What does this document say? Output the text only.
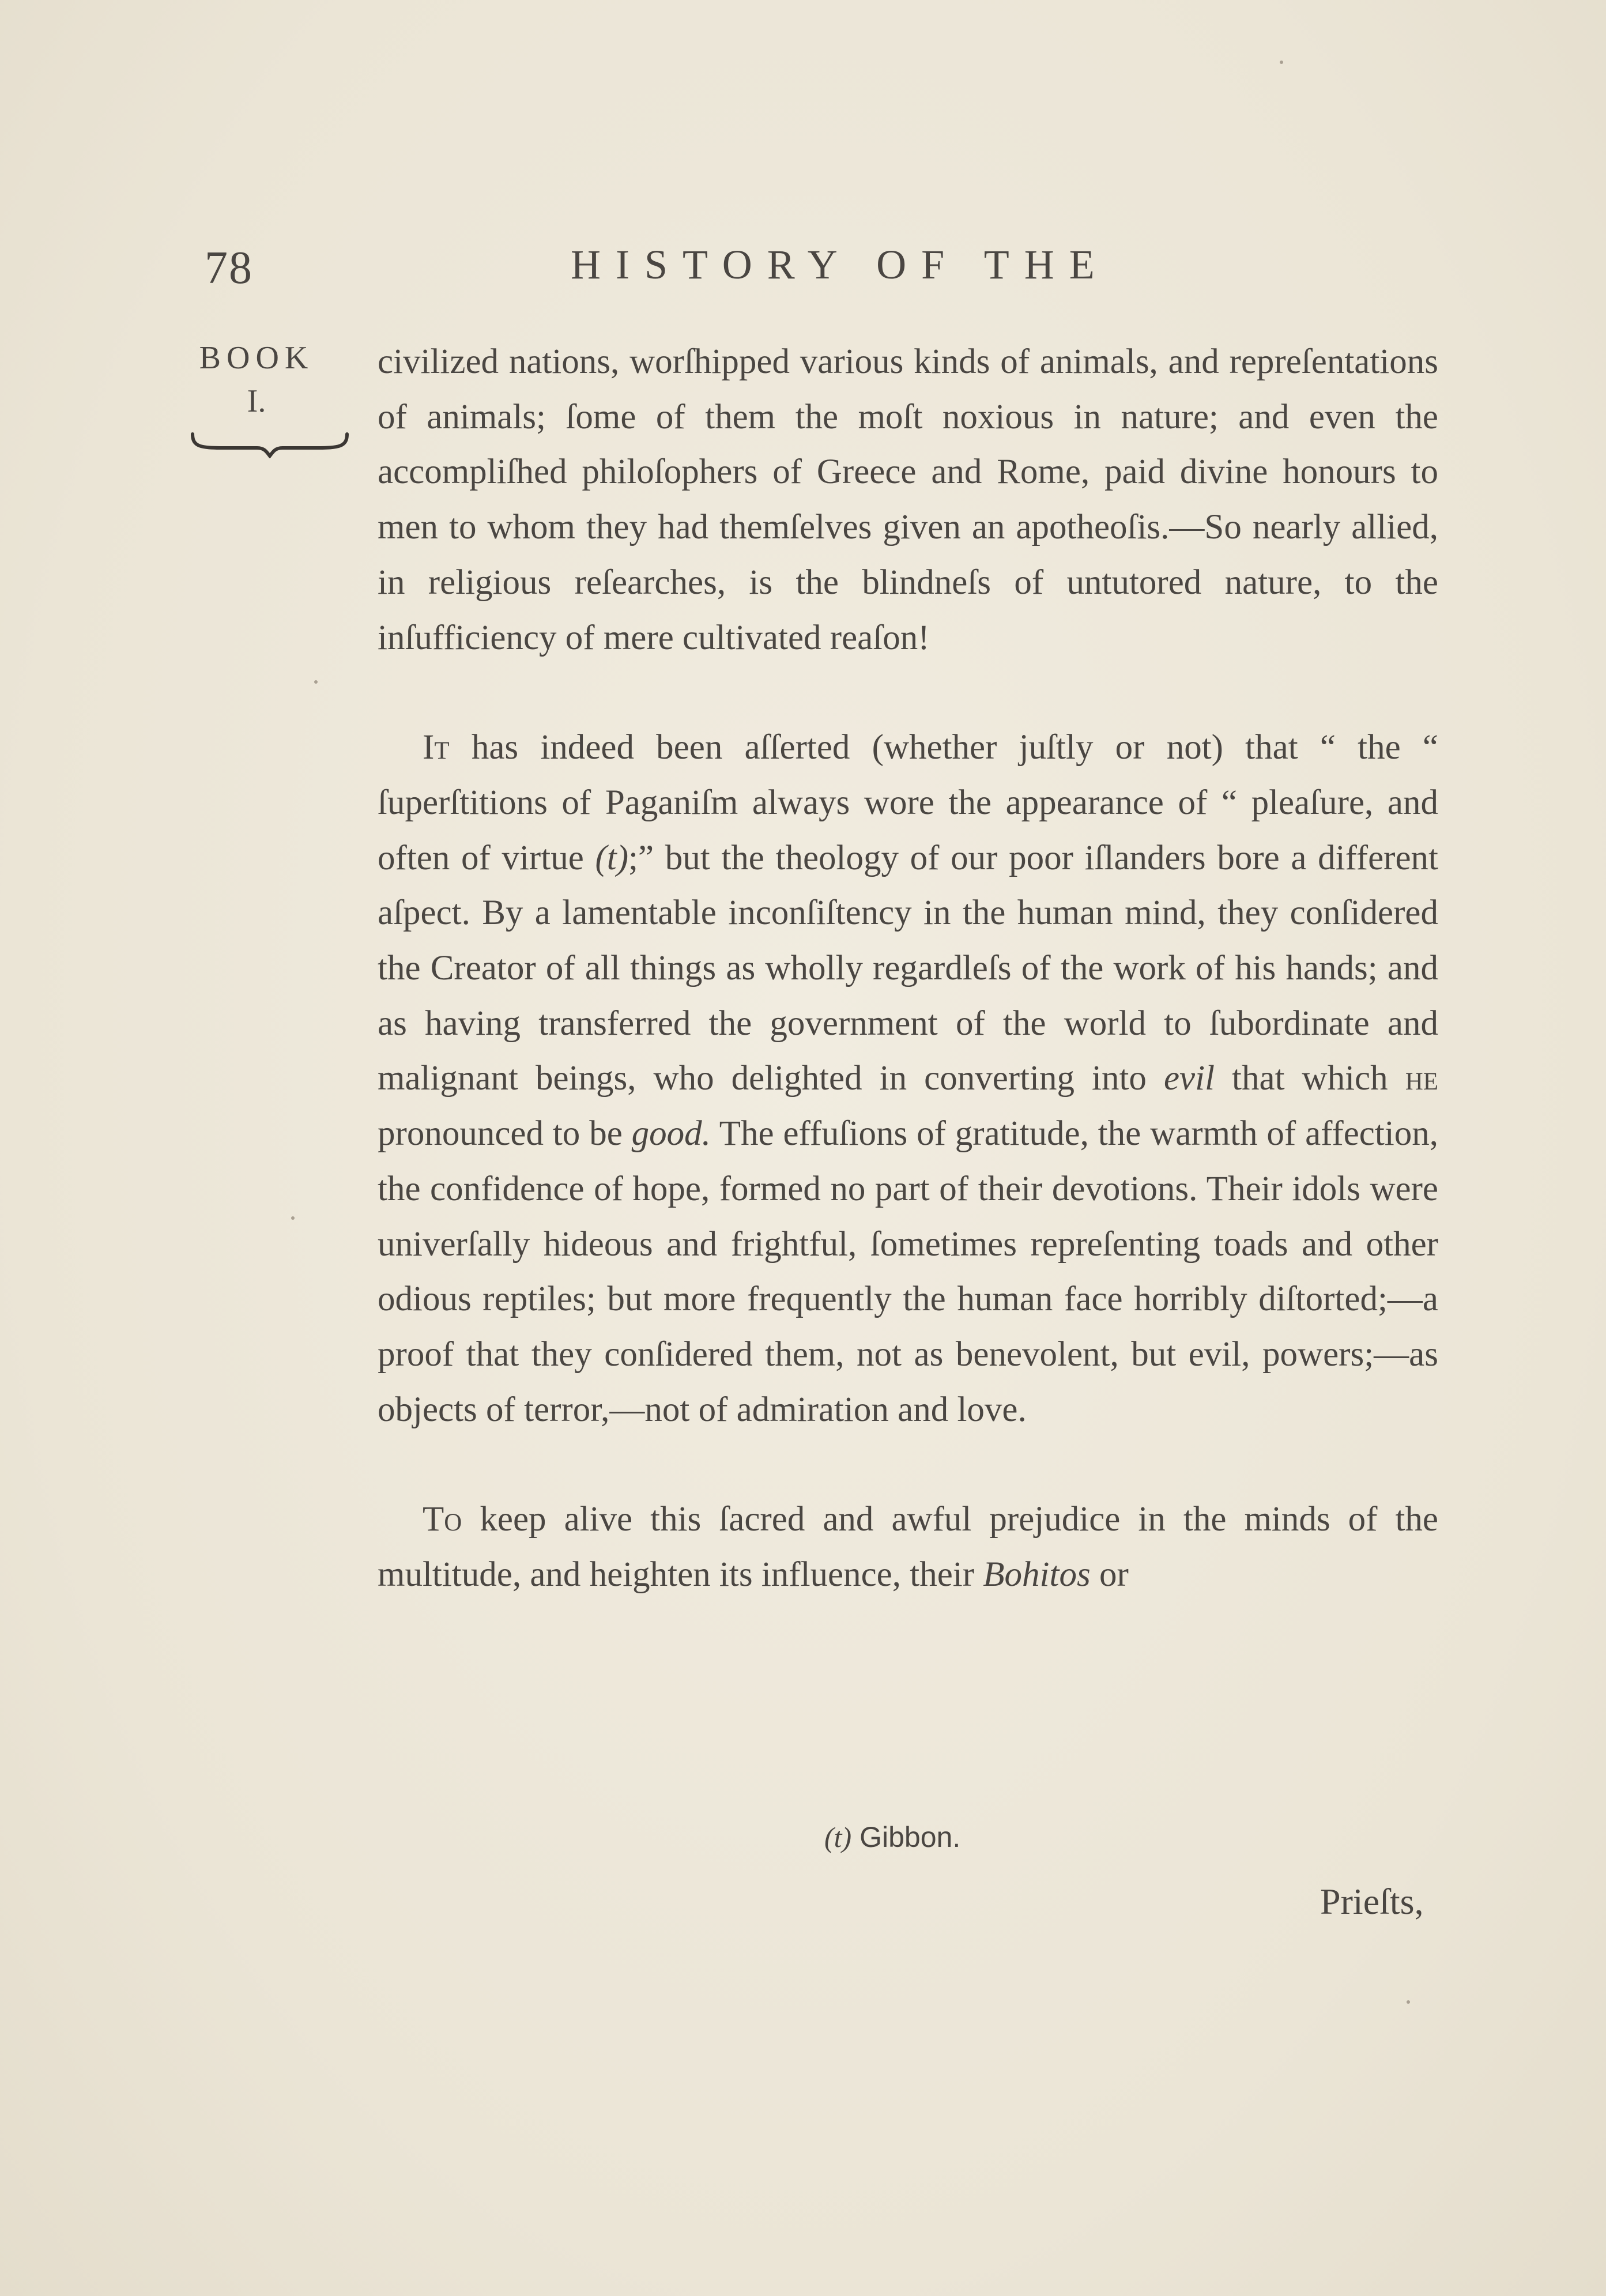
78	HISTORY OF THE
BOOK
I.

civilized nations, worſhipped various kinds of animals, and repreſentations of animals; ſome of them the moſt noxious in nature; and even the accompliſhed philoſophers of Greece and Rome, paid divine honours to men to whom they had themſelves given an apotheoſis.—So nearly allied, in religious reſearches, is the blindneſs of untutored nature, to the inſufficiency of mere cultivated reaſon!

It has indeed been aſſerted (whether juſtly or not) that “ the “ ſuperſtitions of Paganiſm always wore the appearance of “ pleaſure, and often of virtue (t);” but the theology of our poor iſlanders bore a different aſpect. By a lamentable inconſiſtency in the human mind, they conſidered the Creator of all things as wholly regardleſs of the work of his hands; and as having transferred the government of the world to ſubordinate and malignant beings, who delighted in converting into evil that which he pronounced to be good. The effuſions of gratitude, the warmth of affection, the confidence of hope, formed no part of their devotions. Their idols were univerſally hideous and frightful, ſometimes repreſenting toads and other odious reptiles; but more frequently the human face horribly diſtorted;—a proof that they conſidered them, not as benevolent, but evil, powers;—as objects of terror,—not of admiration and love.

To keep alive this ſacred and awful prejudice in the minds of the multitude, and heighten its influence, their Bohitos or

(t) Gibbon.
Prieſts,
